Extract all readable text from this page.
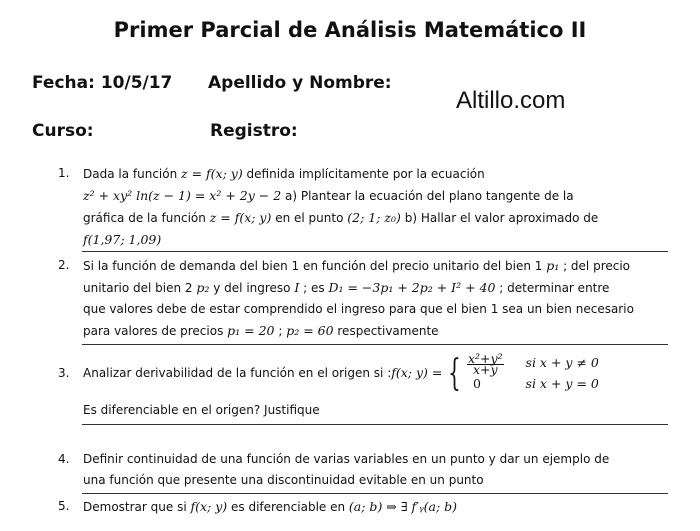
Primer Parcial de Análisis Matemático II
Fecha: 10/5/17 Apellido y Nombre:
Altillo.com
Curso:	Registro:
1. Dada la función z = f(x; y) definida implícitamente por la ecuación
z² + xy² ln(z − 1) = x² + 2y − 2 a) Plantear la ecuación del plano tangente de la
gráfica de la función z = f(x; y) en el punto (2; 1; z₀) b) Hallar el valor aproximado de
f(1,97; 1,09)
2. Si la función de demanda del bien 1 en función del precio unitario del bien 1 p₁ ; del precio
unitario del bien 2 p₂ y del ingreso I ; es D₁ = −3p₁ + 2p₂ + I² + 40 ; determinar entre
que valores debe de estar comprendido el ingreso para que el bien 1 sea un bien necesario
para valores de precios p₁ = 20 ; p₂ = 60 respectivamente
3. Analizar derivabilidad de la función en el origen si :f(x; y) = { $\frac{\text{x²+y²}}{x+y}$ si x + y ≠ 0
0	si x + y = 0
Es diferenciable en el origen? Justifique
4. Definir continuidad de una función de varias variables en un punto y dar un ejemplo de
una función que presente una discontinuidad evitable en un punto
5. Demostrar que si f(x; y) es diferenciable en (a; b) ⇒ ∃ f′ᵧ(a; b)
